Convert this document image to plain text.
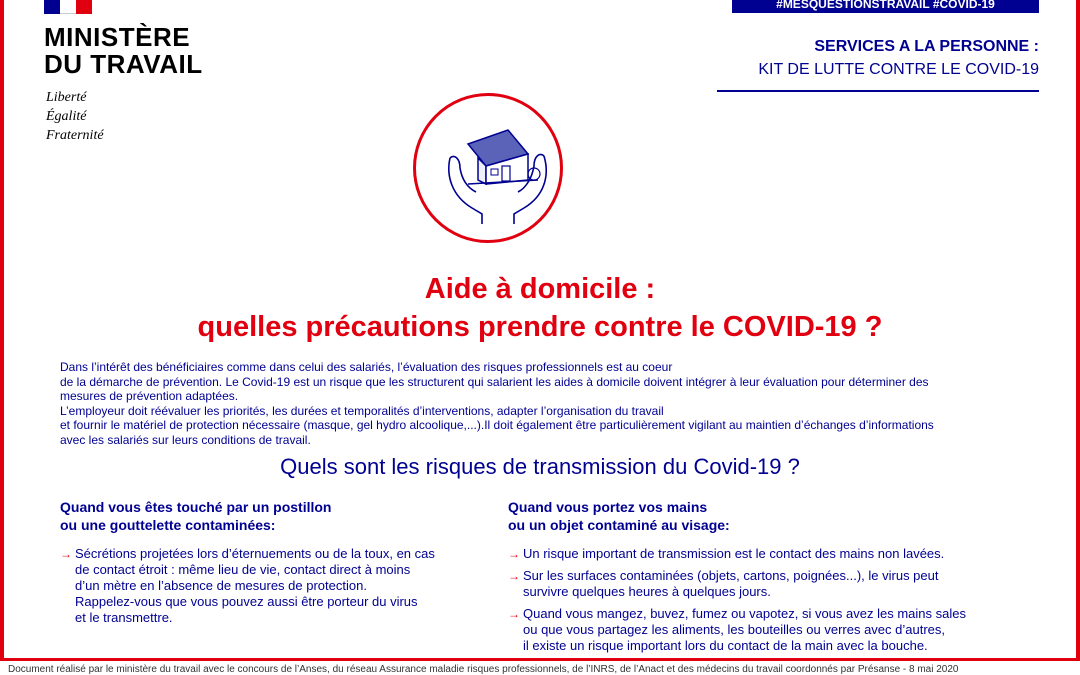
MINISTÈRE
DU TRAVAIL
Liberté
Égalité
Fraternité
#MESQUESTIONSTRAVAIL #COVID-19
SERVICES A LA PERSONNE :
KIT DE LUTTE CONTRE LE COVID-19
Aide à domicile :
quelles précautions prendre contre le COVID-19 ?

Dans l’intérêt des bénéficiaires comme dans celui des salariés, l’évaluation des risques professionnels est au coeur

de la démarche de prévention. Le Covid-19 est un risque que les structurent qui salarient les aides à domicile doivent intégrer à leur évaluation pour déterminer des

mesures de prévention adaptées.

L’employeur doit réévaluer les priorités, les durées et temporalités d’interventions, adapter l’organisation du travail

et fournir le matériel de protection nécessaire (masque, gel hydro alcoolique,...).Il doit également être particulièrement vigilant au maintien d’échanges d’informations

avec les salariés sur leurs conditions de travail.

Quels sont les risques de transmission du Covid-19 ?
Quand vous êtes touché par un postillon
ou une gouttelette contaminées:
→ Sécrétions projetées lors d’éternuements ou de la toux, en cas
de contact étroit : même lieu de vie, contact direct à moins
d’un mètre en l’absence de mesures de protection.
Rappelez-vous que vous pouvez aussi être porteur du virus
et le transmettre.
Quand vous portez vos mains
ou un objet contaminé au visage:
→ Un risque important de transmission est le contact des mains non lavées.
→ Sur les surfaces contaminées (objets, cartons, poignées...), le virus peut
survivre quelques heures à quelques jours.
→ Quand vous mangez, buvez, fumez ou vapotez, si vous avez les mains sales
ou que vous partagez les aliments, les bouteilles ou verres avec d’autres,
il existe un risque important lors du contact de la main avec la bouche.
Document réalisé par le ministère du travail avec le concours de l’Anses, du réseau Assurance maladie risques professionnels, de l’INRS, de l’Anact et des médecins du travail coordonnés par Présanse - 8 mai 2020
